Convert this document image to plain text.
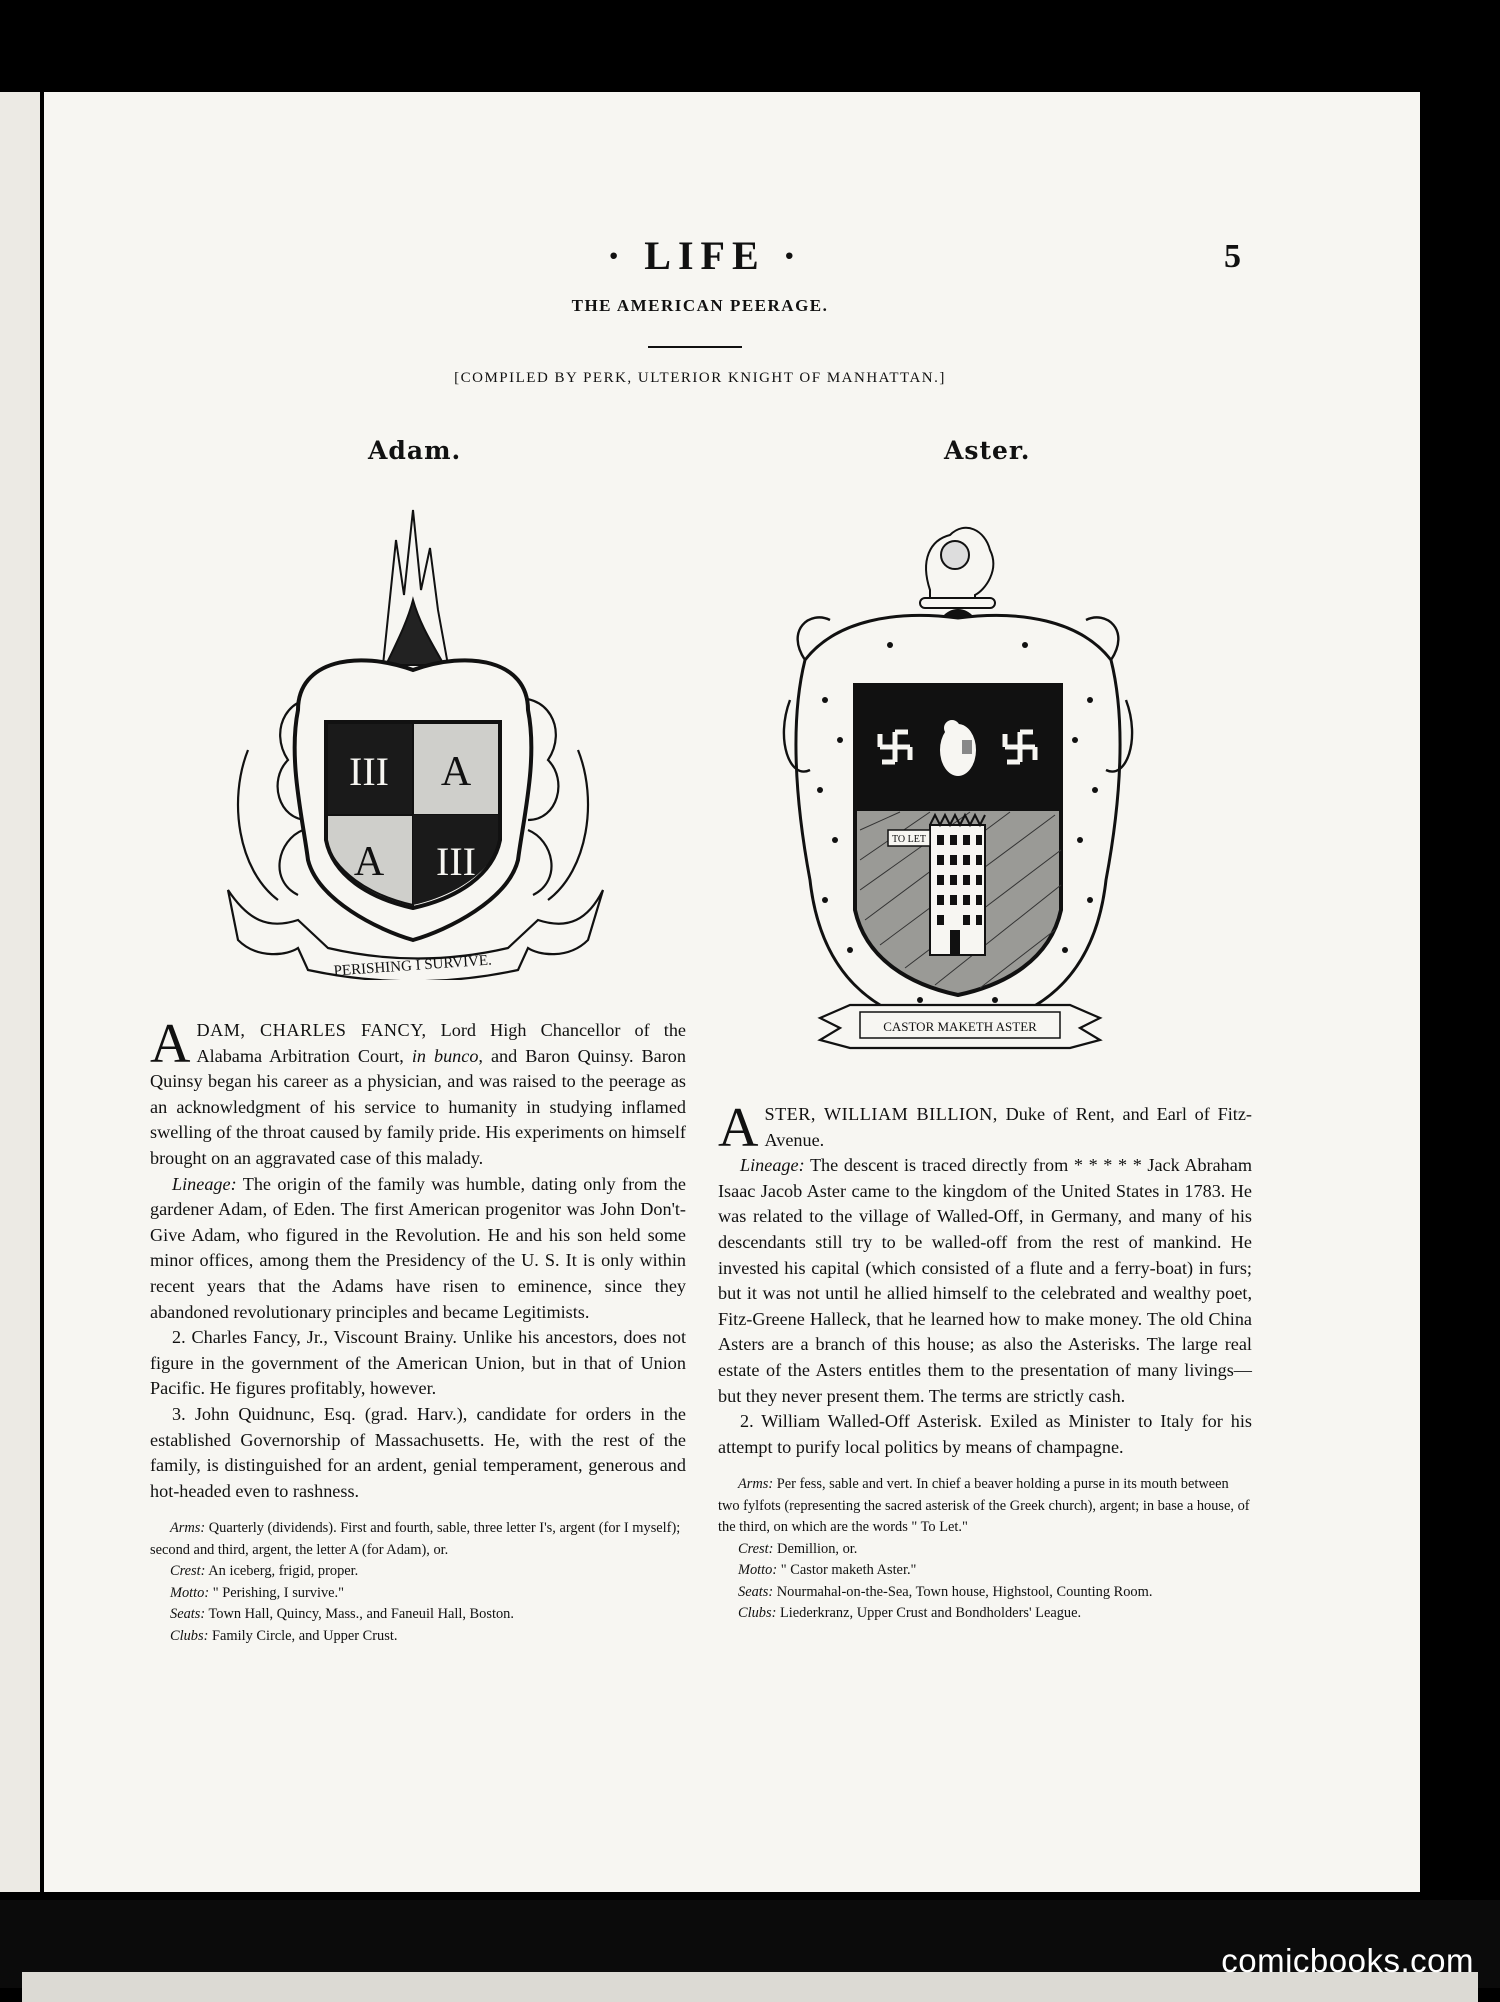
· LIFE ·	5
THE AMERICAN PEERAGE.
[COMPILED BY PERK, ULTERIOR KNIGHT OF MANHATTAN.]
Adam.	Aster.
III A
A III
PERISHING I SURVIVE.
TO LET
CASTOR MAKETH ASTER

ADAM, CHARLES FANCY, Lord High Chancellor of the Alabama Arbitration Court, in bunco, and Baron Quinsy. Baron Quinsy began his career as a physician, and was raised to the peerage as an acknowledgment of his service to humanity in studying inflamed swelling of the throat caused by family pride. His experiments on himself brought on an aggravated case of this malady.

Lineage: The origin of the family was humble, dating only from the gardener Adam, of Eden. The first American progenitor was John Don't-Give Adam, who figured in the Revolution. He and his son held some minor offices, among them the Presidency of the U. S. It is only within recent years that the Adams have risen to eminence, since they abandoned revolutionary principles and became Legitimists.

2. Charles Fancy, Jr., Viscount Brainy. Unlike his ancestors, does not figure in the government of the American Union, but in that of Union Pacific. He figures profitably, however.

3. John Quidnunc, Esq. (grad. Harv.), candidate for orders in the established Governorship of Massachusetts. He, with the rest of the family, is distinguished for an ardent, genial temperament, generous and hot-headed even to rashness.

Arms: Quarterly (dividends). First and fourth, sable, three letter I's, argent (for I myself); second and third, argent, the letter A (for Adam), or.

Crest: An iceberg, frigid, proper.

Motto: " Perishing, I survive."

Seats: Town Hall, Quincy, Mass., and Faneuil Hall, Boston.

Clubs: Family Circle, and Upper Crust.

ASTER, WILLIAM BILLION, Duke of Rent, and Earl of Fitz-Avenue.

Lineage: The descent is traced directly from * * * * * Jack Abraham Isaac Jacob Aster came to the kingdom of the United States in 1783. He was related to the village of Walled-Off, in Germany, and many of his descendants still try to be walled-off from the rest of mankind. He invested his capital (which consisted of a flute and a ferry-boat) in furs; but it was not until he allied himself to the celebrated and wealthy poet, Fitz-Greene Halleck, that he learned how to make money. The old China Asters are a branch of this house; as also the Asterisks. The large real estate of the Asters entitles them to the presentation of many livings—but they never present them. The terms are strictly cash.

2. William Walled-Off Asterisk. Exiled as Minister to Italy for his attempt to purify local politics by means of champagne.

Arms: Per fess, sable and vert. In chief a beaver holding a purse in its mouth between two fylfots (representing the sacred asterisk of the Greek church), argent; in base a house, of the third, on which are the words " To Let."

Crest: Demillion, or.

Motto: " Castor maketh Aster."

Seats: Nourmahal-on-the-Sea, Town house, Highstool, Counting Room.

Clubs: Liederkranz, Upper Crust and Bondholders' League.

comicbooks.com
